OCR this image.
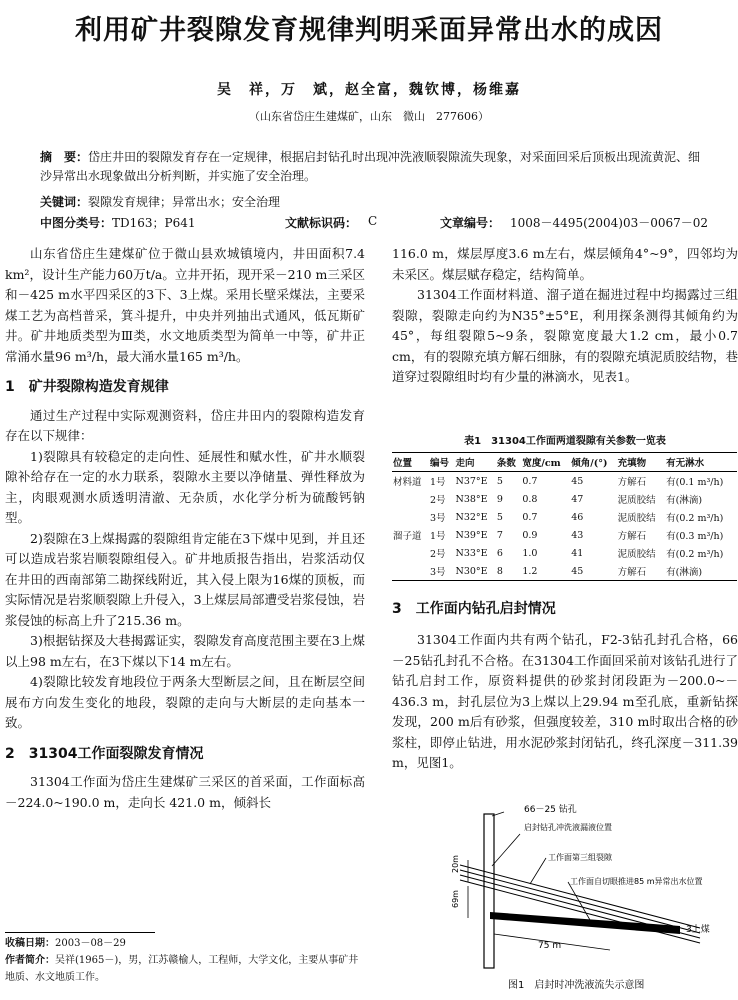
利用矿井裂隙发育规律判明采面异常出水的成因
吴　祥，万　斌，赵全富，魏钦博，杨维嘉
（山东省岱庄生建煤矿，山东　微山　277606）
摘　要：岱庄井田的裂隙发育存在一定规律，根据启封钻孔时出现冲洗液顺裂隙流失现象，对采面回采后顶板出现流黄泥、细沙异常出水现象做出分析判断，并实施了安全治理。
关键词：裂隙发育规律；异常出水；安全治理
中图分类号：TD163；P641	文献标识码： C	文章编号： 1008－4495(2004)03－0067－02

山东省岱庄生建煤矿位于微山县欢城镇境内，井田面积7.4 km²，设计生产能力60万t/a。立井开拓，现开采－210 m三采区和－425 m水平四采区的3下、3上煤。采用长壁采煤法，主要采煤工艺为高档普采，箕斗提升，中央并列抽出式通风，低瓦斯矿井。矿井地质类型为Ⅲ类，水文地质类型为简单一中等，矿井正常涌水量96 m³/h，最大涌水量165 m³/h。

1　矿井裂隙构造发育规律

通过生产过程中实际观测资料，岱庄井田内的裂隙构造发育存在以下规律：

1)裂隙具有较稳定的走向性、延展性和赋水性，矿井水顺裂隙补给存在一定的水力联系，裂隙水主要以净储量、弹性释放为主，肉眼观测水质透明清澈、无杂质，水化学分析为硫酸钙钠型。

2)裂隙在3上煤揭露的裂隙组肯定能在3下煤中见到，并且还可以造成岩浆岩顺裂隙组侵入。矿井地质报告指出，岩浆活动仅在井田的西南部第二勘探线附近，其入侵上限为16煤的顶板，而实际情况是岩浆顺裂隙上升侵入，3上煤层局部遭受岩浆侵蚀，岩浆侵蚀的标高上升了215.36 m。

3)根据钻探及大巷揭露证实，裂隙发育高度范围主要在3上煤以上98 m左右，在3下煤以下14 m左右。

4)裂隙比较发育地段位于两条大型断层之间，且在断层空间展布方向发生变化的地段，裂隙的走向与大断层的走向基本一致。

2　31304工作面裂隙发育情况

31304工作面为岱庄生建煤矿三采区的首采面，工作面标高－224.0~190.0 m，走向长 421.0 m，倾斜长

收稿日期：2003－08－29
作者简介：吴祥(1965－)，男，江苏赣榆人，工程师，大学文化，主要从事矿井地质、水文地质工作。

116.0 m，煤层厚度3.6 m左右，煤层倾角4°~9°，四邻均为未采区。煤层赋存稳定，结构简单。

31304工作面材料道、溜子道在掘进过程中均揭露过三组裂隙，裂隙走向约为N35°±5°E，利用探条测得其倾角约为45°，每组裂隙5~9条，裂隙宽度最大1.2 cm，最小0.7 cm，有的裂隙充填方解石细脉，有的裂隙充填泥质胶结物，巷道穿过裂隙组时均有少量的淋滴水，见表1。

表1　31304工作面两道裂隙有关参数一览表
位置	编号	走向	条数	宽度/cm	倾角/(°)	充填物	有无淋水
材料道	1号	N37°E	5	0.7	45	方解石	有(0.1 m³/h)
	2号	N38°E	9	0.8	47	泥质胶结	有(淋滴)
	3号	N32°E	5	0.7	46	泥质胶结	有(0.2 m³/h)
溜子道	1号	N39°E	7	0.9	43	方解石	有(0.3 m³/h)
	2号	N33°E	6	1.0	41	泥质胶结	有(0.2 m³/h)
	3号	N30°E	8	1.2	45	方解石	有(淋滴)
3　工作面内钻孔启封情况

31304工作面内共有两个钻孔，F2-3钻孔封孔合格，66－25钻孔封孔不合格。在31304工作面回采前对该钻孔进行了钻孔启封工作，原资料提供的砂浆封闭段距为－200.0~－436.3 m，封孔层位为3上煤以上29.94 m至孔底，重新钻探发现，200 m后有砂浆，但强度较差，310 m时取出合格的砂浆柱，即停止钻进，用水泥砂浆封闭钻孔，终孔深度－311.39 m，见图1。

66－25 钻孔
3上煤
75 m
20m
69m
启封钻孔冲洗液漏液位置
工作面第三组裂隙
工作面自切眼推进85 m异常出水位置
图1　启封时冲洗液流失示意图
